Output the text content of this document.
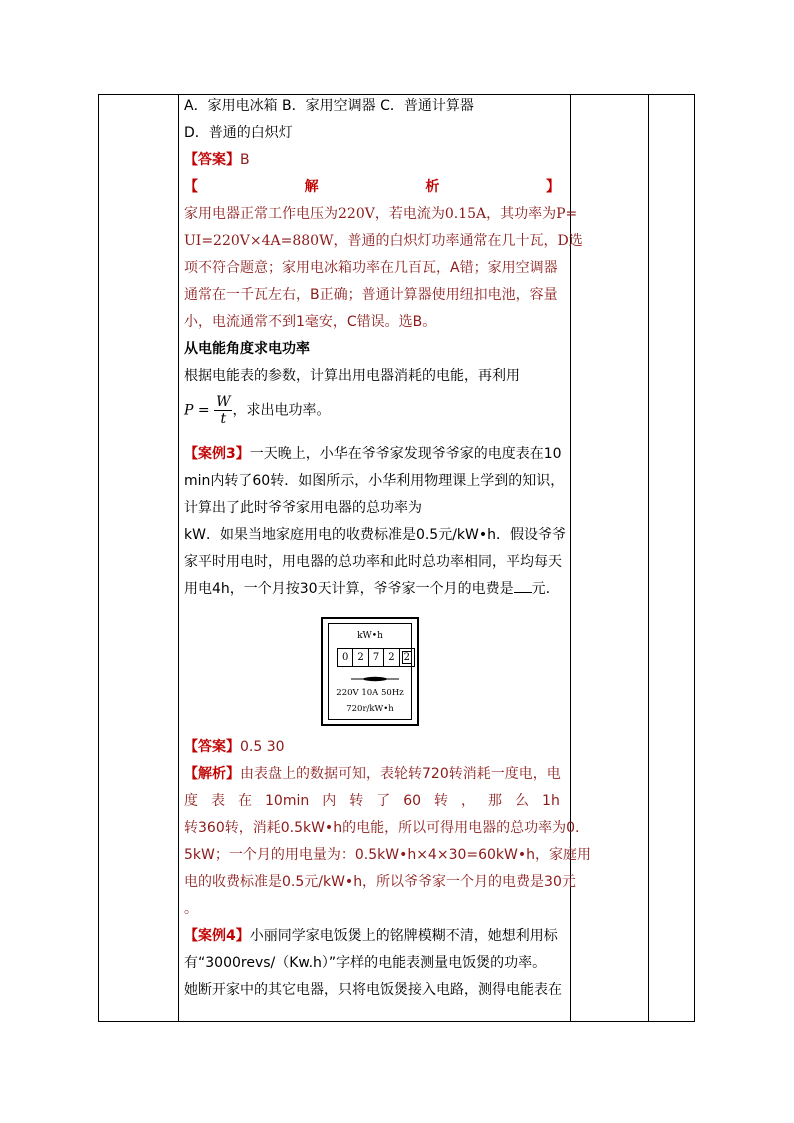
A．家用电冰箱 B．家用空调器 C．普通计算器
D．普通的白炽灯
【答案】B
【	解	析	】
家用电器正常工作电压为220V，若电流为0.15A，其功率为P=
UI=220V×4A=880W，普通的白炽灯功率通常在几十瓦，D选
项不符合题意；家用电冰箱功率在几百瓦，A错；家用空调器
通常在一千瓦左右，B正确；普通计算器使用纽扣电池，容量
小，电流通常不到1毫安，C错误。选B。
从电能角度求电功率
根据电能表的参数，计算出用电器消耗的电能，再利用
$P = \frac{W}{t}$ ，求出电功率。
【案例3】一天晚上，小华在爷爷家发现爷爷家的电度表在10
min内转了60转．如图所示，小华利用物理课上学到的知识，
计算出了此时爷爷家用电器的总功率为
kW．如果当地家庭用电的收费标准是0.5元/kW•h．假设爷爷
家平时用电时，用电器的总功率和此时总功率相同，平均每天
用电4h，一个月按30天计算，爷爷家一个月的电费是 元.
【答案】0.5 30
【解析】由表盘上的数据可知，表轮转720转消耗一度电，电
度 表 在 10min 内 转 了 60 转 ， 那 么 1h
转360转，消耗0.5kW•h的电能，所以可得用电器的总功率为0.
5kW；一个月的用电量为：0.5kW•h×4×30=60kW•h，家庭用
电的收费标准是0.5元/kW•h，所以爷爷家一个月的电费是30元
。
【案例4】小丽同学家电饭煲上的铭牌模糊不清，她想利用标
有“3000revs/（Kw.h）”字样的电能表测量电饭煲的功率。
她断开家中的其它电器，只将电饭煲接入电路，测得电能表在
kW•h
0 2 7 2 2
220V 10A 50Hz
720r/kW•h
